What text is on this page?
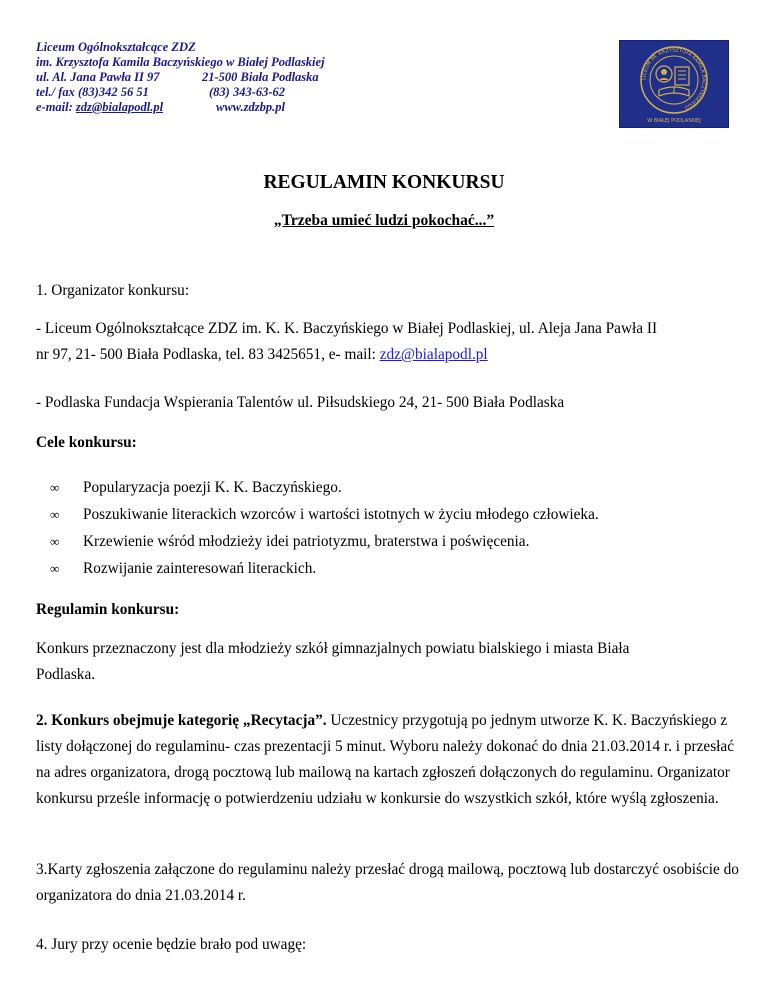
Liceum Ogólnokształcące ZDZ
im. Krzysztofa Kamila Baczyńskiego w Białej Podlaskiej
ul. Al. Jana Pawła II 97	21-500 Biała Podlaska
tel./ fax (83)342 56 51	(83) 343-63-62
e-mail: zdz@bialapodl.pl	www.zdzbp.pl
LICEUM IM. KRZYSZTOFA KAMILA BACZYŃSKIEGO
W BIAŁEJ PODLASKIEJ
REGULAMIN KONKURSU
„Trzeba umieć ludzi pokochać...”
1. Organizator konkursu:
- Liceum Ogólnokształcące ZDZ im. K. K. Baczyńskiego w Białej Podlaskiej, ul. Aleja Jana Pawła II
nr 97, 21- 500 Biała Podlaska, tel. 83 3425651, e- mail: zdz@bialapodl.pl
- Podlaska Fundacja Wspierania Talentów ul. Piłsudskiego 24, 21- 500 Biała Podlaska
Cele konkursu:
∞ Popularyzacja poezji K. K. Baczyńskiego.
∞ Poszukiwanie literackich wzorców i wartości istotnych w życiu młodego człowieka.
∞ Krzewienie wśród młodzieży idei patriotyzmu, braterstwa i poświęcenia.
∞ Rozwijanie zainteresowań literackich.
Regulamin konkursu:
Konkurs przeznaczony jest dla młodzieży szkół gimnazjalnych powiatu bialskiego i miasta Biała Podlaska.
2. Konkurs obejmuje kategorię „Recytacja”. Uczestnicy przygotują po jednym utworze K. K. Baczyńskiego z listy dołączonej do regulaminu- czas prezentacji 5 minut. Wyboru należy dokonać do dnia 21.03.2014 r. i przesłać na adres organizatora, drogą pocztową lub mailową na kartach zgłoszeń dołączonych do regulaminu. Organizator konkursu prześle informację o potwierdzeniu udziału w konkursie do wszystkich szkół, które wyślą zgłoszenia.
3.Karty zgłoszenia załączone do regulaminu należy przesłać drogą mailową, pocztową lub dostarczyć osobiście do organizatora do dnia 21.03.2014 r.
4. Jury przy ocenie będzie brało pod uwagę:
